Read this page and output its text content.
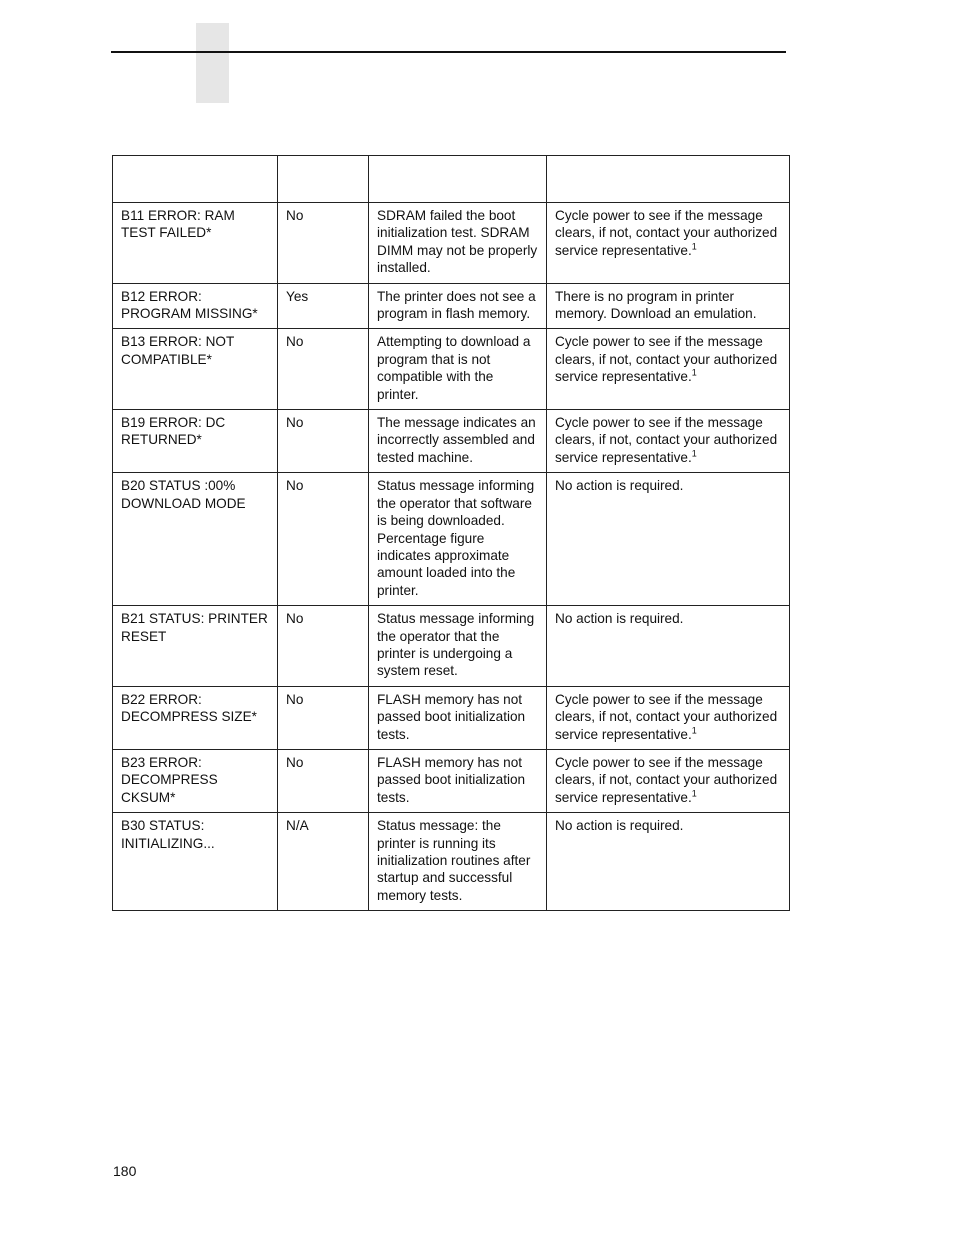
B11 ERROR: RAM TEST FAILED*	No	SDRAM failed the boot initialization test. SDRAM DIMM may not be properly installed.	Cycle power to see if the message clears, if not, contact your authorized service representative.$^1$
B12 ERROR: PROGRAM MISSING*	Yes	The printer does not see a program in flash memory.	There is no program in printer memory. Download an emulation.
B13 ERROR: NOT COMPATIBLE*	No	Attempting to download a program that is not compatible with the printer.	Cycle power to see if the message clears, if not, contact your authorized service representative.$^1$
B19 ERROR: DC RETURNED*	No	The message indicates an incorrectly assembled and tested machine.	Cycle power to see if the message clears, if not, contact your authorized service representative.$^1$
B20 STATUS :00% DOWNLOAD MODE	No	Status message informing the operator that software is being downloaded. Percentage figure indicates approximate amount loaded into the printer.	No action is required.
B21 STATUS: PRINTER RESET	No	Status message informing the operator that the printer is undergoing a system reset.	No action is required.
B22 ERROR: DECOMPRESS SIZE*	No	FLASH memory has not passed boot initialization tests.	Cycle power to see if the message clears, if not, contact your authorized service representative.$^1$
B23 ERROR: DECOMPRESS CKSUM*	No	FLASH memory has not passed boot initialization tests.	Cycle power to see if the message clears, if not, contact your authorized service representative.$^1$
B30 STATUS: INITIALIZING...	N/A	Status message: the printer is running its initialization routines after startup and successful memory tests.	No action is required.
180
